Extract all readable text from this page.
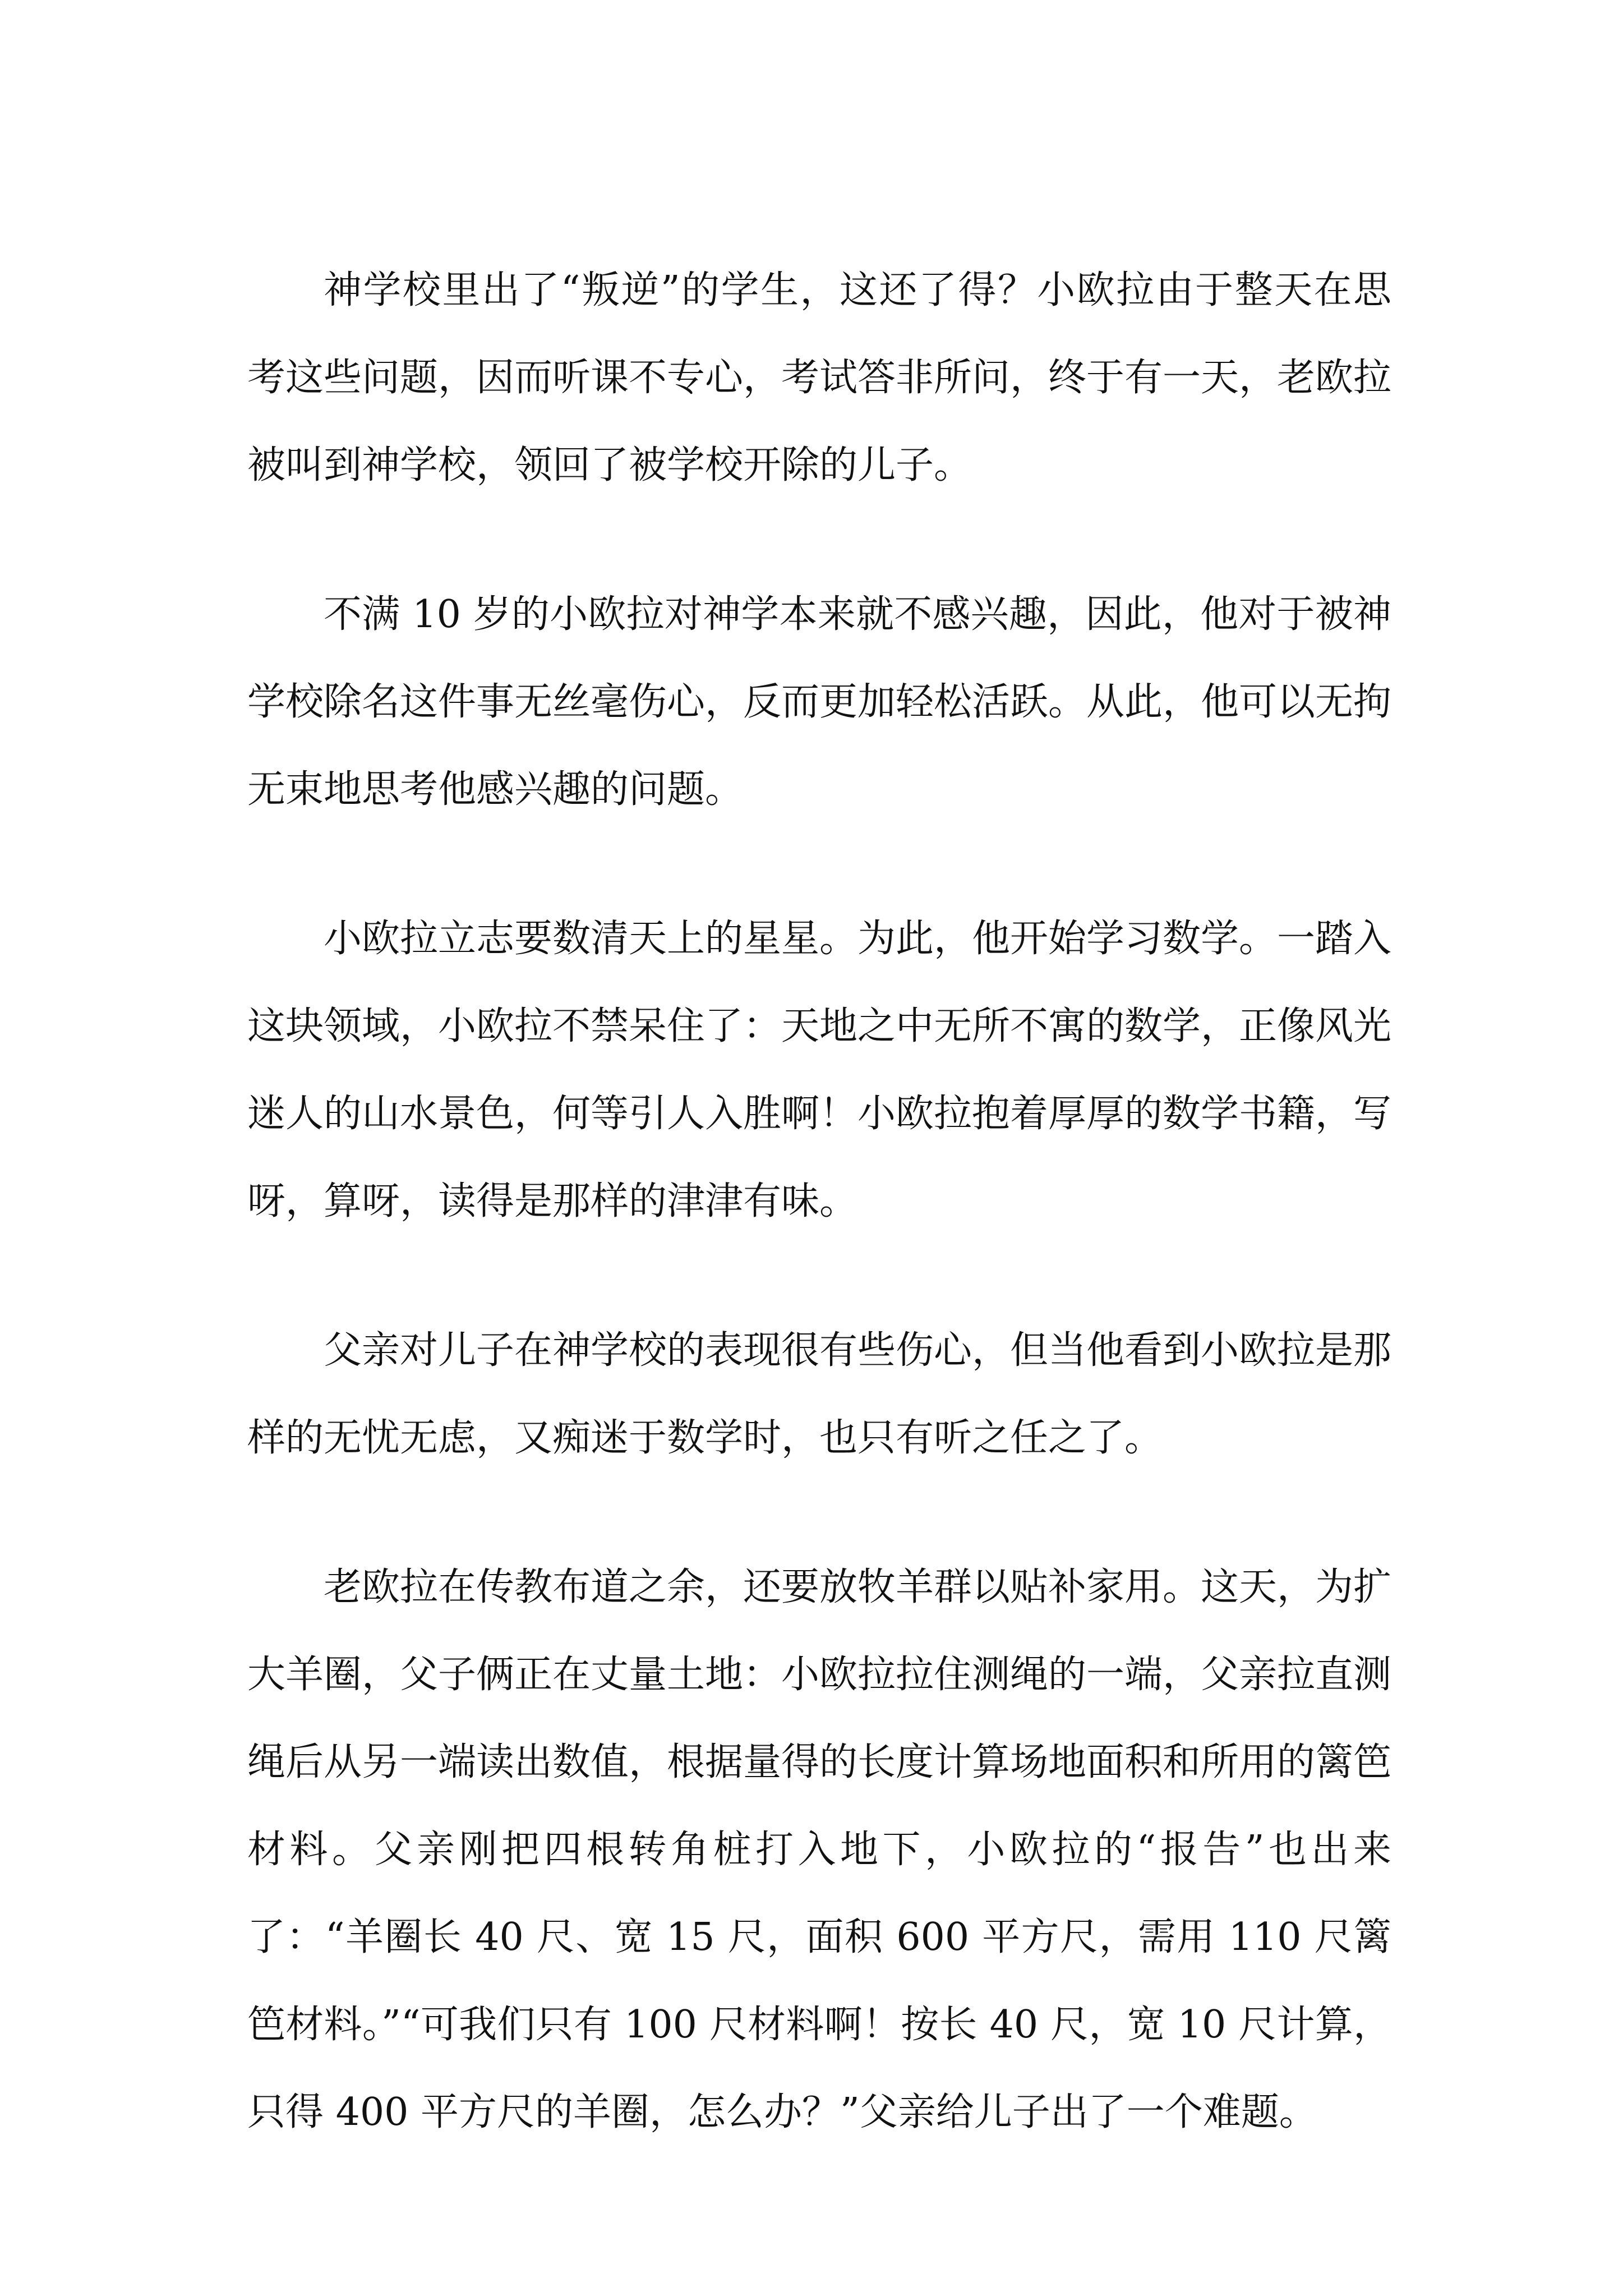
神学校里出了“叛逆”的学生，这还了得？小欧拉由于整天在思考这些问题，因而听课不专心，考试答非所问，终于有一天，老欧拉被叫到神学校，领回了被学校开除的儿子。

不满 10 岁的小欧拉对神学本来就不感兴趣，因此，他对于被神学校除名这件事无丝毫伤心，反而更加轻松活跃。从此，他可以无拘无束地思考他感兴趣的问题。

小欧拉立志要数清天上的星星。为此，他开始学习数学。一踏入这块领域，小欧拉不禁呆住了：天地之中无所不寓的数学，正像风光迷人的山水景色，何等引人入胜啊！小欧拉抱着厚厚的数学书籍，写呀，算呀，读得是那样的津津有味。

父亲对儿子在神学校的表现很有些伤心，但当他看到小欧拉是那样的无忧无虑，又痴迷于数学时，也只有听之任之了。

老欧拉在传教布道之余，还要放牧羊群以贴补家用。这天，为扩大羊圈，父子俩正在丈量土地：小欧拉拉住测绳的一端，父亲拉直测绳后从另一端读出数值，根据量得的长度计算场地面积和所用的篱笆材料。父亲刚把四根转角桩打入地下，小欧拉的“报告”也出来了：“羊圈长 40 尺、宽 15 尺，面积 600 平方尺，需用 110 尺篱笆材料。”“可我们只有 100 尺材料啊！按长 40 尺，宽 10 尺计算，只得 400 平方尺的羊圈，怎么办？”父亲给儿子出了一个难题。
